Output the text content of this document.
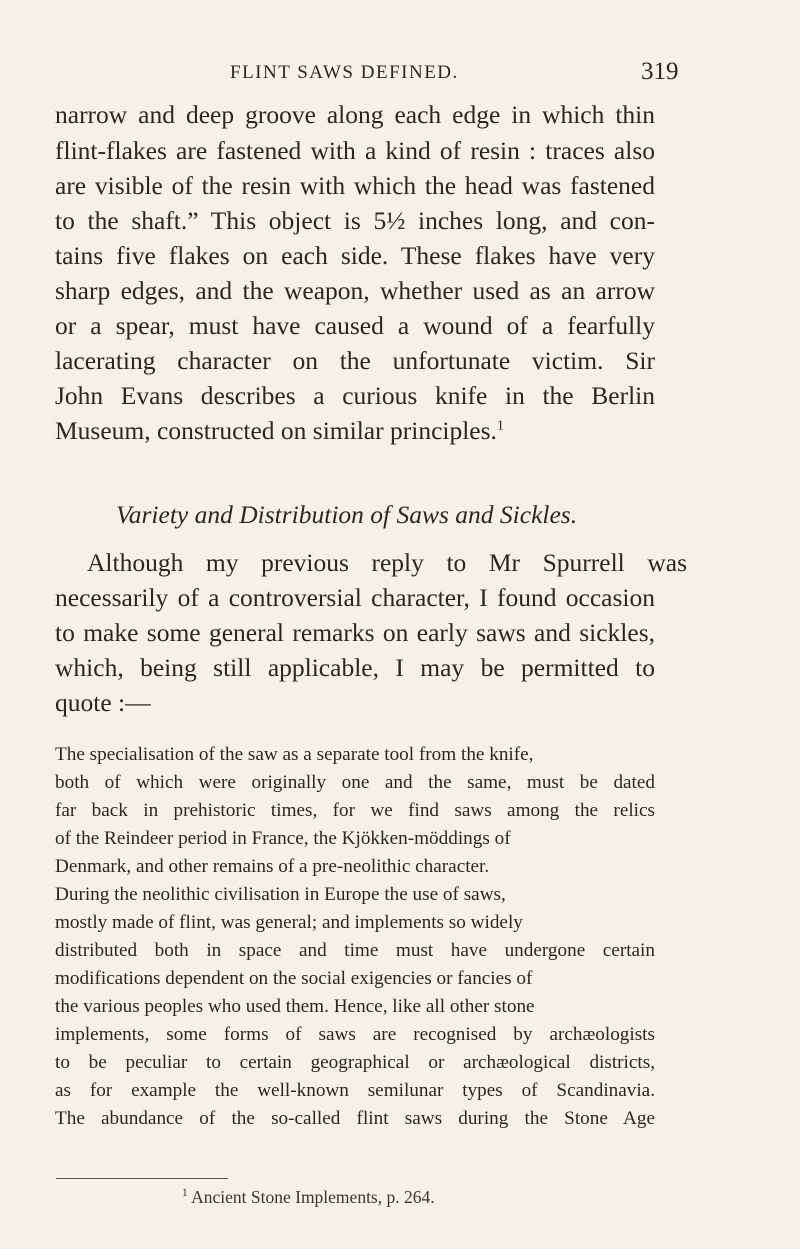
FLINT SAWS DEFINED.	319
narrow and deep groove along each edge in which thin
flint-flakes are fastened with a kind of resin : traces also
are visible of the resin with which the head was fastened
to the shaft.” This object is 5½ inches long, and con-
tains five flakes on each side. These flakes have very
sharp edges, and the weapon, whether used as an arrow
or a spear, must have caused a wound of a fearfully
lacerating character on the unfortunate victim. Sir
John Evans describes a curious knife in the Berlin
Museum, constructed on similar principles.$^1$
Variety and Distribution of Saws and Sickles.
Although my previous reply to Mr Spurrell was
necessarily of a controversial character, I found occasion
to make some general remarks on early saws and sickles,
which, being still applicable, I may be permitted to
quote :—
The specialisation of the saw as a separate tool from the knife,
both of which were originally one and the same, must be dated
far back in prehistoric times, for we find saws among the relics
of the Reindeer period in France, the Kjökken-möddings of
Denmark, and other remains of a pre-neolithic character.
During the neolithic civilisation in Europe the use of saws,
mostly made of flint, was general; and implements so widely
distributed both in space and time must have undergone certain
modifications dependent on the social exigencies or fancies of
the various peoples who used them. Hence, like all other stone
implements, some forms of saws are recognised by archæologists
to be peculiar to certain geographical or archæological districts,
as for example the well-known semilunar types of Scandinavia.
The abundance of the so-called flint saws during the Stone Age
$^1$ Ancient Stone Implements, p. 264.
